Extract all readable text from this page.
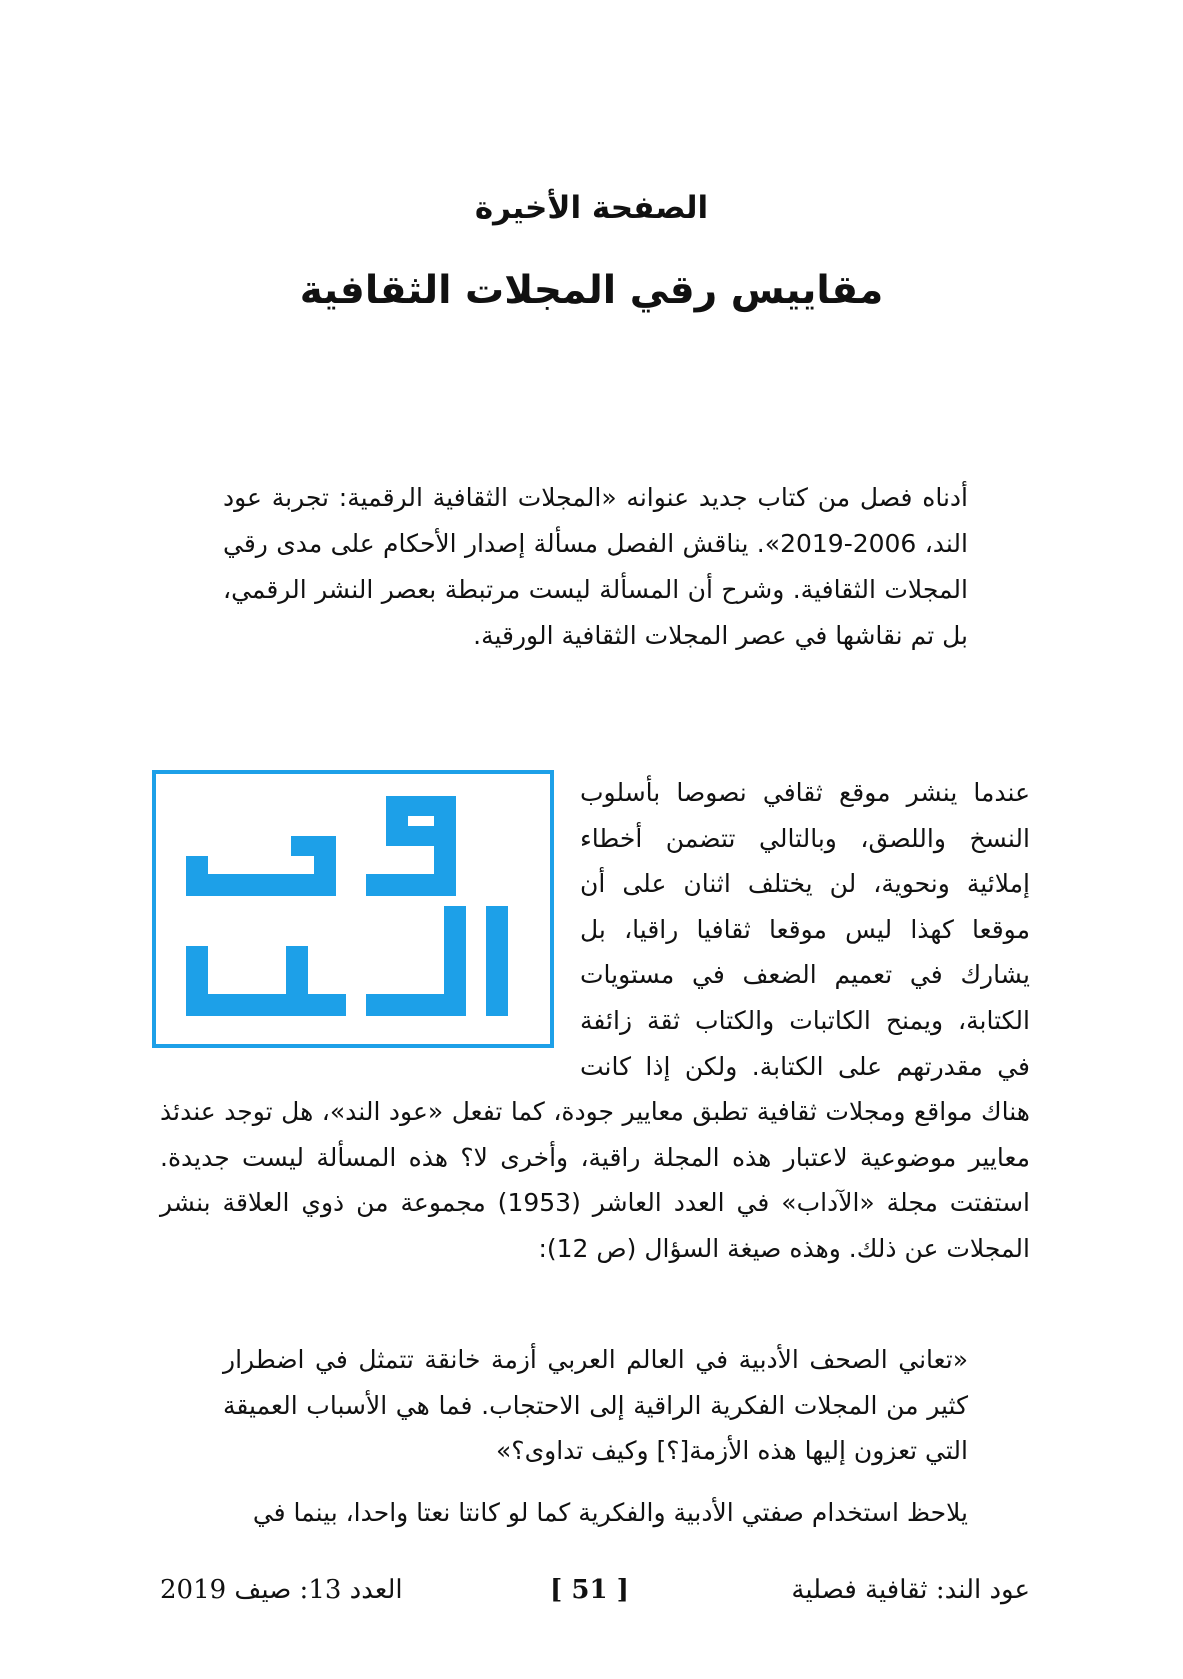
الصفحة الأخيرة
مقاييس رقي المجلات الثقافية

أدناه فصل من كتاب جديد عنوانه «المجلات الثقافية الرقمية: تجربة عود الند، 2006-2019». يناقش الفصل مسألة إصدار الأحكام على مدى رقي المجلات الثقافية. وشرح أن المسألة ليست مرتبطة بعصر النشر الرقمي، بل تم نقاشها في عصر المجلات الثقافية الورقية.

عندما ينشر موقع ثقافي نصوصا بأسلوب النسخ واللصق، وبالتالي تتضمن أخطاء إملائية ونحوية، لن يختلف اثنان على أن موقعا كهذا ليس موقعا ثقافيا راقيا، بل يشارك في تعميم الضعف في مستويات الكتابة، ويمنح الكاتبات والكتاب ثقة زائفة في مقدرتهم على الكتابة. ولكن إذا كانت هناك مواقع ومجلات ثقافية تطبق معايير جودة، كما تفعل «عود الند»، هل توجد عندئذ معايير موضوعية لاعتبار هذه المجلة راقية، وأخرى لا؟ هذه المسألة ليست جديدة. استفتت مجلة «الآداب» في العدد العاشر (1953) مجموعة من ذوي العلاقة بنشر المجلات عن ذلك. وهذه صيغة السؤال (ص 12):

«تعاني الصحف الأدبية في العالم العربي أزمة خانقة تتمثل في اضطرار كثير من المجلات الفكرية الراقية إلى الاحتجاب. فما هي الأسباب العميقة التي تعزون إليها هذه الأزمة[؟] وكيف تداوى؟»

يلاحظ استخدام صفتي الأدبية والفكرية كما لو كانتا نعتا واحدا، بينما في

عود الند: ثقافية فصلية
[ 51 ]
العدد 13: صيف 2019
